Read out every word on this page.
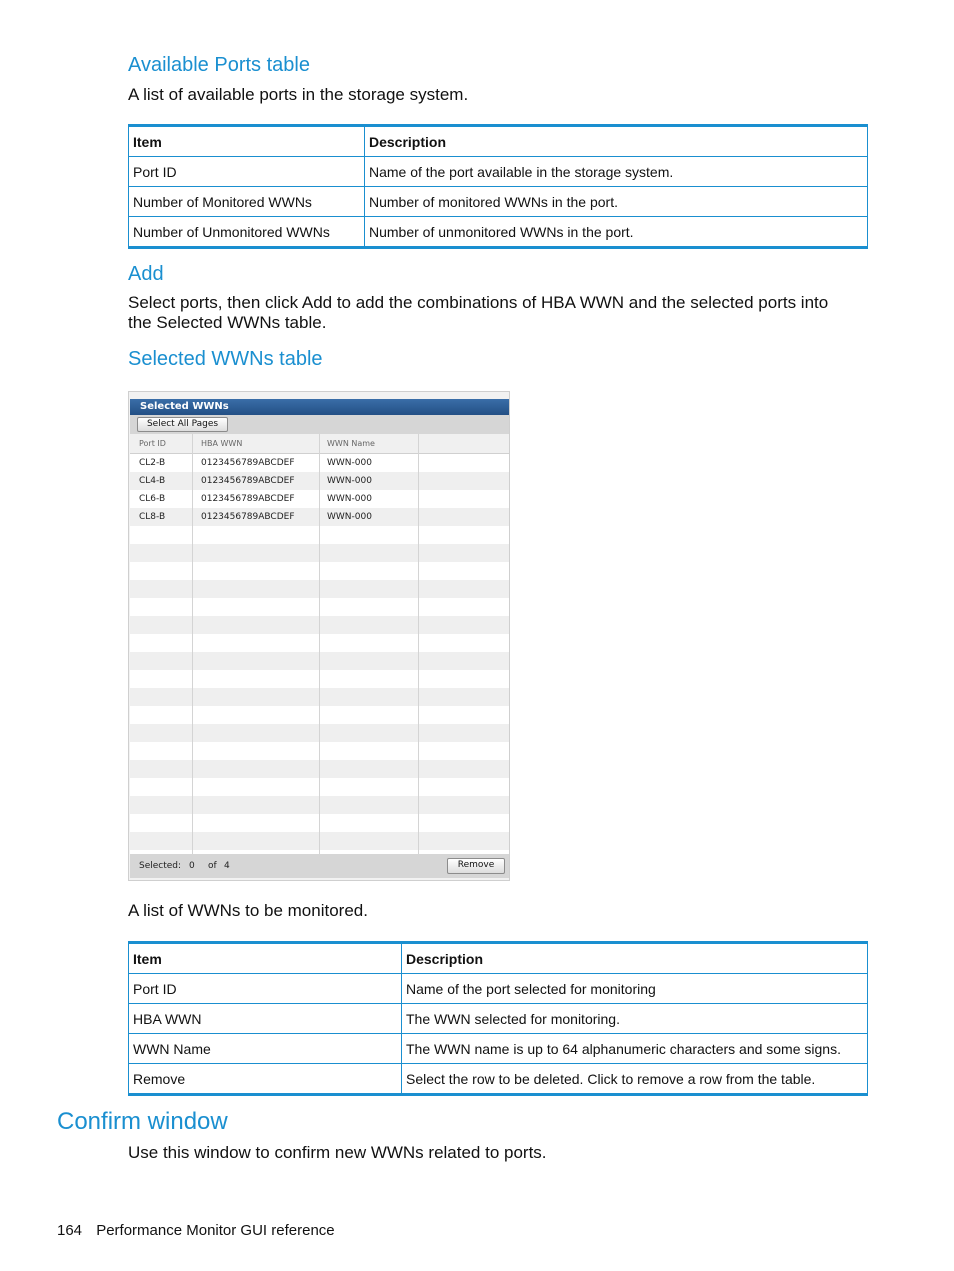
Available Ports table

A list of available ports in the storage system.

Item	Description
Port ID	Name of the port available in the storage system.
Number of Monitored WWNs	Number of monitored WWNs in the port.
Number of Unmonitored WWNs	Number of unmonitored WWNs in the port.
Add

Select ports, then click Add to add the combinations of HBA WWN and the selected ports into

the Selected WWNs table.

Selected WWNs table
Selected WWNs
Select All Pages
Port ID	HBA WWN	WWN Name
CL2-B	0123456789ABCDEF	WWN-000
CL4-B	0123456789ABCDEF	WWN-000
CL6-B	0123456789ABCDEF	WWN-000
CL8-B	0123456789ABCDEF	WWN-000
Selected: 0 of 4	Remove

A list of WWNs to be monitored.

Item	Description
Port ID	Name of the port selected for monitoring
HBA WWN	The WWN selected for monitoring.
WWN Name	The WWN name is up to 64 alphanumeric characters and some signs.
Remove	Select the row to be deleted. Click to remove a row from the table.
Confirm window

Use this window to confirm new WWNs related to ports.

164 Performance Monitor GUI reference
